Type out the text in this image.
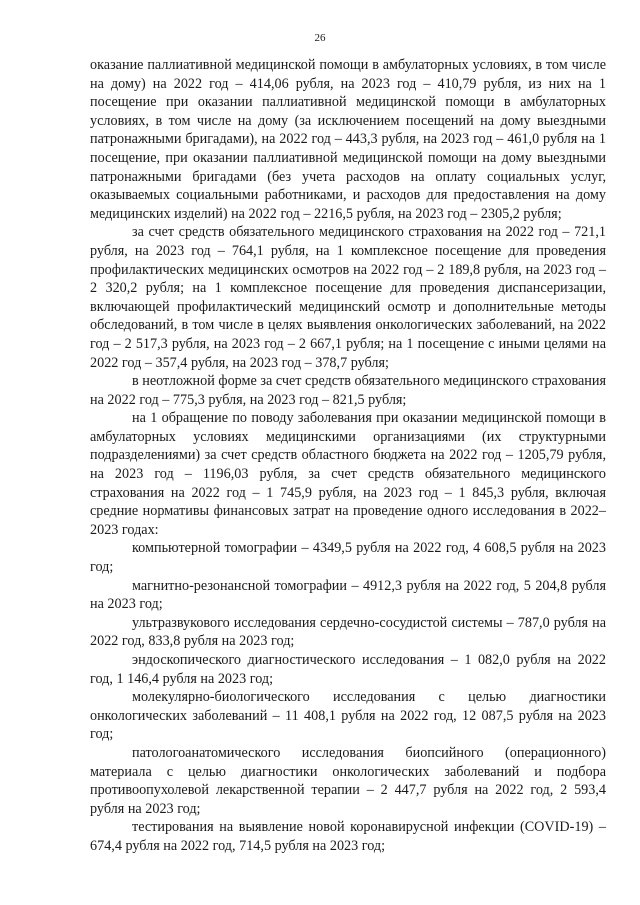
26

оказание паллиативной медицинской помощи в амбулаторных условиях, в том числе на дому) на 2022 год – 414,06 рубля, на 2023 год – 410,79 рубля, из них на 1 посещение при оказании паллиативной медицинской помощи в амбулаторных условиях, в том числе на дому (за исключением посещений на дому выездными патронажными бригадами), на 2022 год – 443,3 рубля, на 2023 год – 461,0 рубля на 1 посещение, при оказании паллиативной медицинской помощи на дому выездными патронажными бригадами (без учета расходов на оплату социальных услуг, оказываемых социальными работниками, и расходов для предоставления на дому медицинских изделий) на 2022 год – 2216,5 рубля, на 2023 год – 2305,2 рубля;

за счет средств обязательного медицинского страхования на 2022 год – 721,1 рубля, на 2023 год – 764,1 рубля, на 1 комплексное посещение для проведения профилактических медицинских осмотров на 2022 год – 2 189,8 рубля, на 2023 год – 2 320,2 рубля; на 1 комплексное посещение для проведения диспансеризации, включающей профилактический медицинский осмотр и дополнительные методы обследований, в том числе в целях выявления онкологических заболеваний, на 2022 год – 2 517,3 рубля, на 2023 год – 2 667,1 рубля; на 1 посещение с иными целями на 2022 год – 357,4 рубля, на 2023 год – 378,7 рубля;

в неотложной форме за счет средств обязательного медицинского страхования на 2022 год – 775,3 рубля, на 2023 год – 821,5 рубля;

на 1 обращение по поводу заболевания при оказании медицинской помощи в амбулаторных условиях медицинскими организациями (их структурными подразделениями) за счет средств областного бюджета на 2022 год – 1205,79 рубля, на 2023 год – 1196,03 рубля, за счет средств обязательного медицинского страхования на 2022 год – 1 745,9 рубля, на 2023 год – 1 845,3 рубля, включая средние нормативы финансовых затрат на проведение одного исследования в 2022–2023 годах:

компьютерной томографии – 4349,5 рубля на 2022 год, 4 608,5 рубля на 2023 год;

магнитно-резонансной томографии – 4912,3 рубля на 2022 год, 5 204,8 рубля на 2023 год;

ультразвукового исследования сердечно-сосудистой системы – 787,0 рубля на 2022 год, 833,8 рубля на 2023 год;

эндоскопического диагностического исследования – 1 082,0 рубля на 2022 год, 1 146,4 рубля на 2023 год;

молекулярно-биологического исследования с целью диагностики онкологических заболеваний – 11 408,1 рубля на 2022 год, 12 087,5 рубля на 2023 год;

патологоанатомического исследования биопсийного (операционного) материала с целью диагностики онкологических заболеваний и подбора противоопухолевой лекарственной терапии – 2 447,7 рубля на 2022 год, 2 593,4 рубля на 2023 год;

тестирования на выявление новой коронавирусной инфекции (COVID-19) – 674,4 рубля на 2022 год, 714,5 рубля на 2023 год;
